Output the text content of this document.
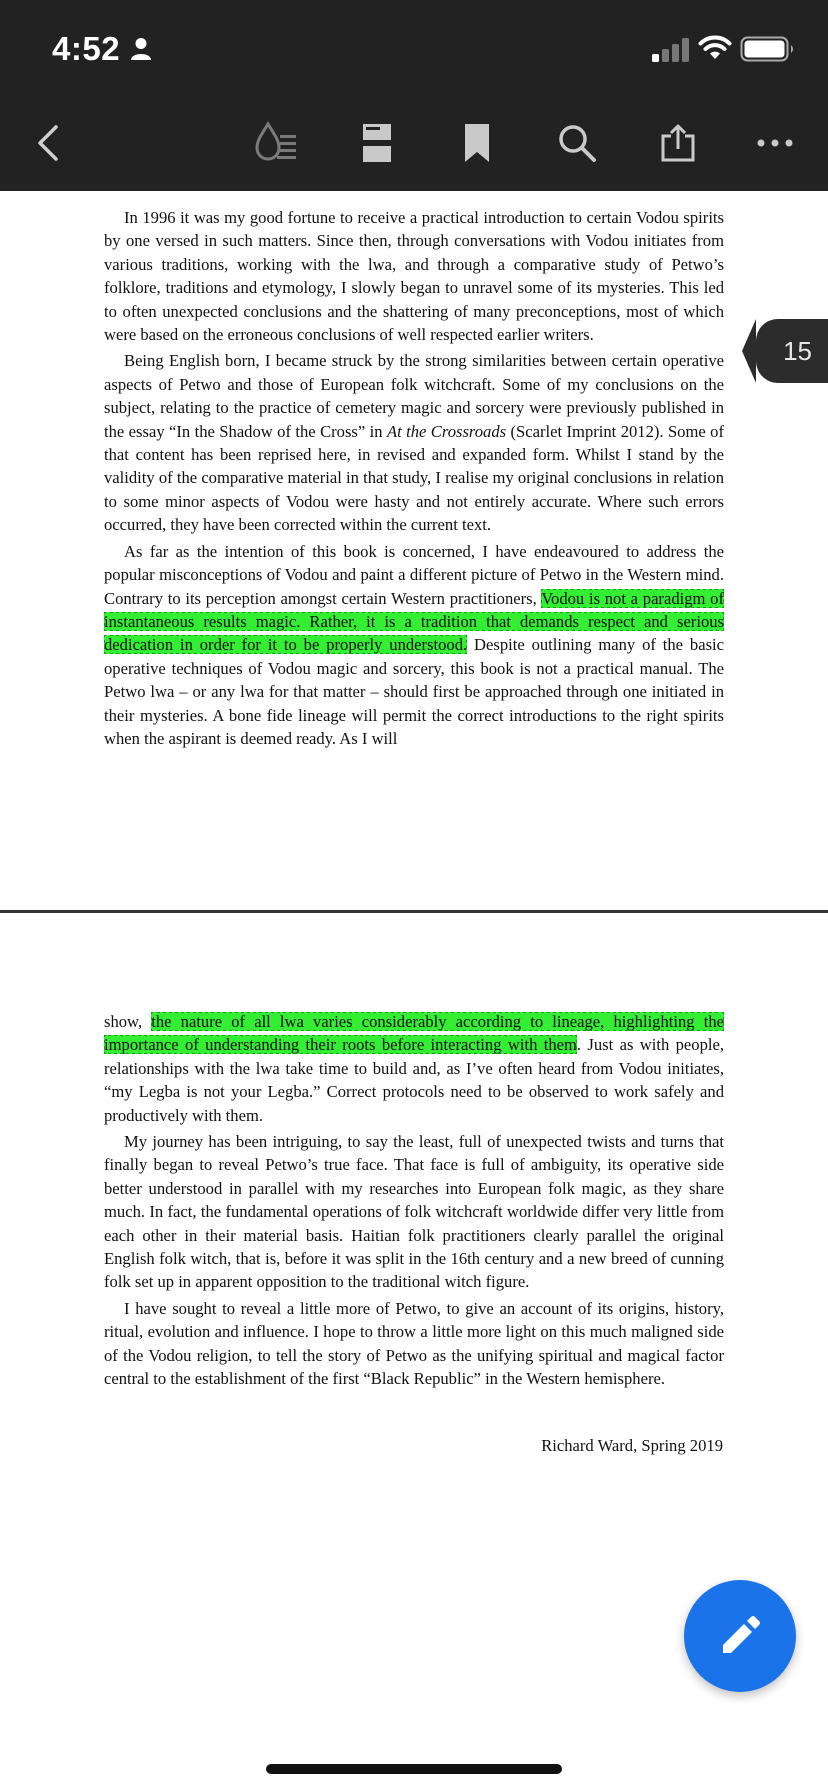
4:52
15

In 1996 it was my good fortune to receive a practical introduction to certain Vodou spirits by one versed in such matters. Since then, through conversations with Vodou initiates from various traditions, working with the lwa, and through a comparative study of Petwo’s folklore, traditions and etymology, I slowly began to unravel some of its mysteries. This led to often unexpected conclusions and the shattering of many preconceptions, most of which were based on the erroneous conclusions of well respected earlier writers.

Being English born, I became struck by the strong similarities between certain operative aspects of Petwo and those of European folk witchcraft. Some of my conclusions on the subject, relating to the practice of cemetery magic and sorcery were previously published in the essay “In the Shadow of the Cross” in At the Crossroads (Scarlet Imprint 2012). Some of that content has been reprised here, in revised and expanded form. Whilst I stand by the validity of the comparative material in that study, I realise my original conclusions in relation to some minor aspects of Vodou were hasty and not entirely accurate. Where such errors occurred, they have been corrected within the current text.

As far as the intention of this book is concerned, I have endeavoured to address the popular misconceptions of Vodou and paint a different picture of Petwo in the Western mind. Contrary to its perception amongst certain Western practitioners, Vodou is not a paradigm of instantaneous results magic. Rather, it is a tradition that demands respect and serious dedication in order for it to be properly understood. Despite outlining many of the basic operative techniques of Vodou magic and sorcery, this book is not a practical manual. The Petwo lwa – or any lwa for that matter – should first be approached through one initiated in their mysteries. A bone fide lineage will permit the correct introductions to the right spirits when the aspirant is deemed ready. As I will

show, the nature of all lwa varies considerably according to lineage, highlighting the importance of understanding their roots before interacting with them. Just as with people, relationships with the lwa take time to build and, as I’ve often heard from Vodou initiates, “my Legba is not your Legba.” Correct protocols need to be observed to work safely and productively with them.

My journey has been intriguing, to say the least, full of unexpected twists and turns that finally began to reveal Petwo’s true face. That face is full of ambiguity, its operative side better understood in parallel with my researches into European folk magic, as they share much. In fact, the fundamental operations of folk witchcraft worldwide differ very little from each other in their material basis. Haitian folk practitioners clearly parallel the original English folk witch, that is, before it was split in the 16th century and a new breed of cunning folk set up in apparent opposition to the traditional witch figure.

I have sought to reveal a little more of Petwo, to give an account of its origins, history, ritual, evolution and influence. I hope to throw a little more light on this much maligned side of the Vodou religion, to tell the story of Petwo as the unifying spiritual and magical factor central to the establishment of the first “Black Republic” in the Western hemisphere.

Richard Ward, Spring 2019
